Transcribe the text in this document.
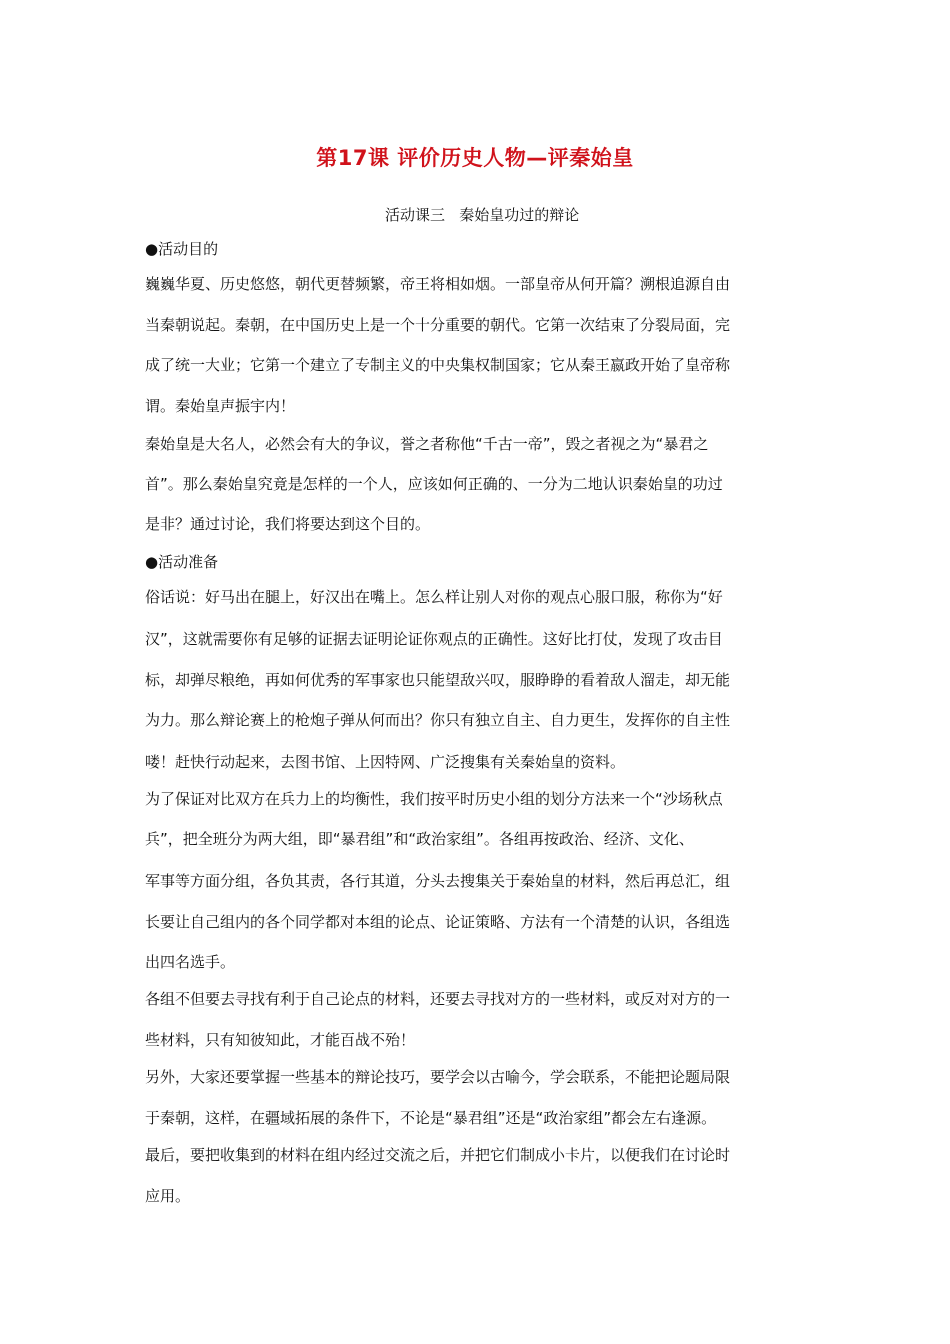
第17课 评价历史人物—评秦始皇
活动课三   秦始皇功过的辩论
●活动目的
巍巍华夏、历史悠悠，朝代更替频繁，帝王将相如烟。一部皇帝从何开篇？溯根追源自由
当秦朝说起。秦朝，在中国历史上是一个十分重要的朝代。它第一次结束了分裂局面，完
成了统一大业；它第一个建立了专制主义的中央集权制国家；它从秦王嬴政开始了皇帝称
谓。秦始皇声振宇内！
秦始皇是大名人，必然会有大的争议，誉之者称他“千古一帝”，毁之者视之为“暴君之
首”。那么秦始皇究竟是怎样的一个人，应该如何正确的、一分为二地认识秦始皇的功过
是非？通过讨论，我们将要达到这个目的。
●活动准备
俗话说：好马出在腿上，好汉出在嘴上。怎么样让别人对你的观点心服口服，称你为“好
汉”，这就需要你有足够的证据去证明论证你观点的正确性。这好比打仗，发现了攻击目
标，却弹尽粮绝，再如何优秀的军事家也只能望敌兴叹，服睁睁的看着敌人溜走，却无能
为力。那么辩论赛上的枪炮子弹从何而出？你只有独立自主、自力更生，发挥你的自主性
喽！赶快行动起来，去图书馆、上因特网、广泛搜集有关秦始皇的资料。
为了保证对比双方在兵力上的均衡性，我们按平时历史小组的划分方法来一个“沙场秋点
兵”，把全班分为两大组，即“暴君组”和“政治家组”。各组再按政治、经济、文化、
军事等方面分组，各负其责，各行其道，分头去搜集关于秦始皇的材料，然后再总汇，组
长要让自己组内的各个同学都对本组的论点、论证策略、方法有一个清楚的认识，各组选
出四名选手。
各组不但要去寻找有利于自己论点的材料，还要去寻找对方的一些材料，或反对对方的一
些材料，只有知彼知此，才能百战不殆！
另外，大家还要掌握一些基本的辩论技巧，要学会以古喻今，学会联系，不能把论题局限
于秦朝，这样，在疆域拓展的条件下，不论是“暴君组”还是“政治家组”都会左右逢源。
最后，要把收集到的材料在组内经过交流之后，并把它们制成小卡片，以便我们在讨论时
应用。
